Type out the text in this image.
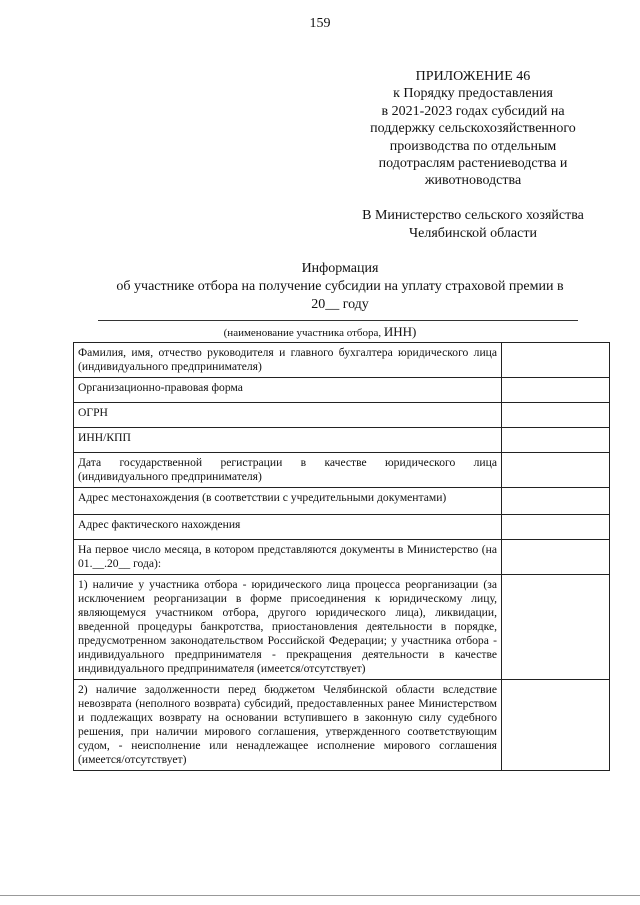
159
ПРИЛОЖЕНИЕ 46
к Порядку предоставления
в 2021-2023 годах субсидий на
поддержку сельскохозяйственного
производства по отдельным
подотраслям растениеводства и
животноводства
В Министерство сельского хозяйства
Челябинской области
Информация
об участнике отбора на получение субсидии на уплату страховой премии в
20__ году
(наименование участника отбора, ИНН)
Фамилия, имя, отчество руководителя и главного бухгалтера юридического лица (индивидуального предпринимателя)	
Организационно-правовая форма	
ОГРН	
ИНН/КПП	
Дата государственной регистрации в качестве юридического лица (индивидуального предпринимателя)	
Адрес местонахождения (в соответствии с учредительными документами)	
Адрес фактического нахождения	
На первое число месяца, в котором представляются документы в Министерство (на 01.__.20__ года):	
1) наличие у участника отбора - юридического лица процесса реорганизации (за исключением реорганизации в форме присоединения к юридическому лицу, являющемуся участником отбора, другого юридического лица), ликвидации, введенной процедуры банкротства, приостановления деятельности в порядке, предусмотренном законодательством Российской Федерации; у участника отбора - индивидуального предпринимателя - прекращения деятельности в качестве индивидуального предпринимателя (имеется/отсутствует)	
2) наличие задолженности перед бюджетом Челябинской области вследствие невозврата (неполного возврата) субсидий, предоставленных ранее Министерством и подлежащих возврату на основании вступившего в законную силу судебного решения, при наличии мирового соглашения, утвержденного соответствующим судом, - неисполнение или ненадлежащее исполнение мирового соглашения (имеется/отсутствует)	
